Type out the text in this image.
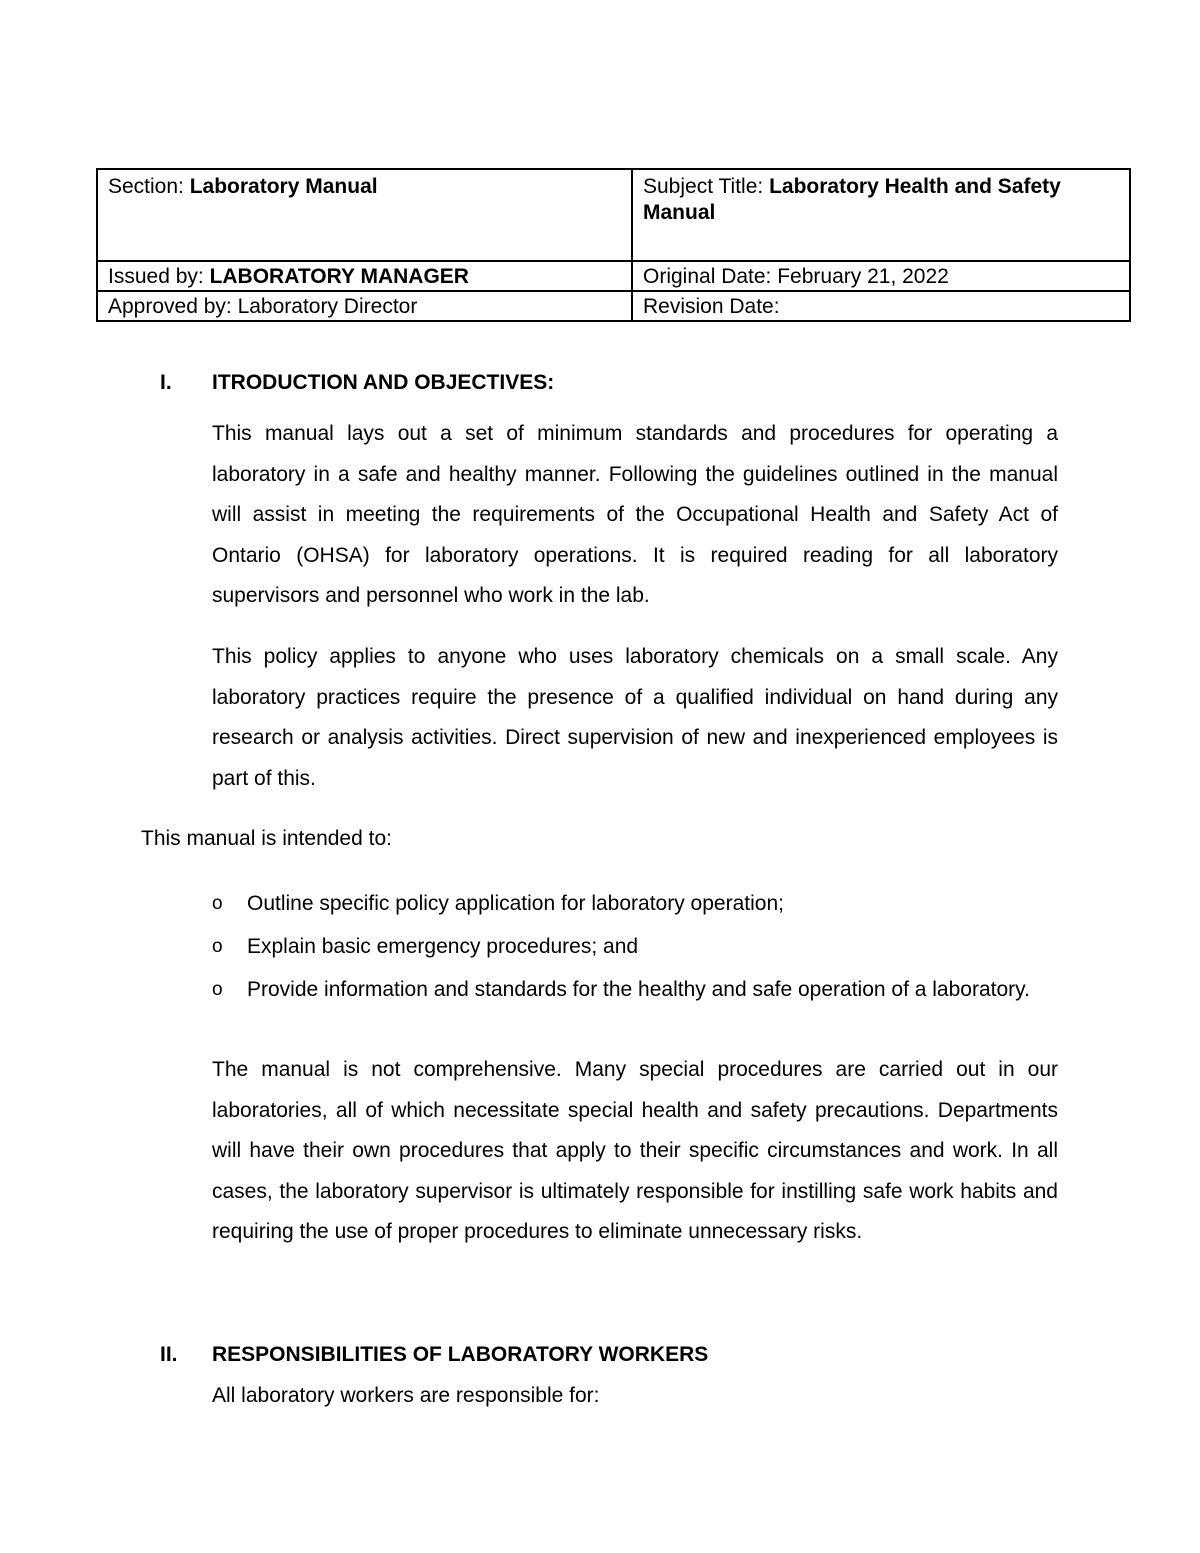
Section: Laboratory Manual	Subject Title: Laboratory Health and Safety Manual
Issued by: LABORATORY MANAGER	Original Date: February 21, 2022
Approved by: Laboratory Director	Revision Date:
I. ITRODUCTION AND OBJECTIVES:

This manual lays out a set of minimum standards and procedures for operating a laboratory in a safe and healthy manner. Following the guidelines outlined in the manual will assist in meeting the requirements of the Occupational Health and Safety Act of Ontario (OHSA) for laboratory operations. It is required reading for all laboratory supervisors and personnel who work in the lab.

This policy applies to anyone who uses laboratory chemicals on a small scale. Any laboratory practices require the presence of a qualified individual on hand during any research or analysis activities. Direct supervision of new and inexperienced employees is part of this.

This manual is intended to:

o Outline specific policy application for laboratory operation;
o Explain basic emergency procedures; and
o Provide information and standards for the healthy and safe operation of a laboratory.

The manual is not comprehensive. Many special procedures are carried out in our laboratories, all of which necessitate special health and safety precautions. Departments will have their own procedures that apply to their specific circumstances and work. In all cases, the laboratory supervisor is ultimately responsible for instilling safe work habits and requiring the use of proper procedures to eliminate unnecessary risks.

II. RESPONSIBILITIES OF LABORATORY WORKERS

All laboratory workers are responsible for:
